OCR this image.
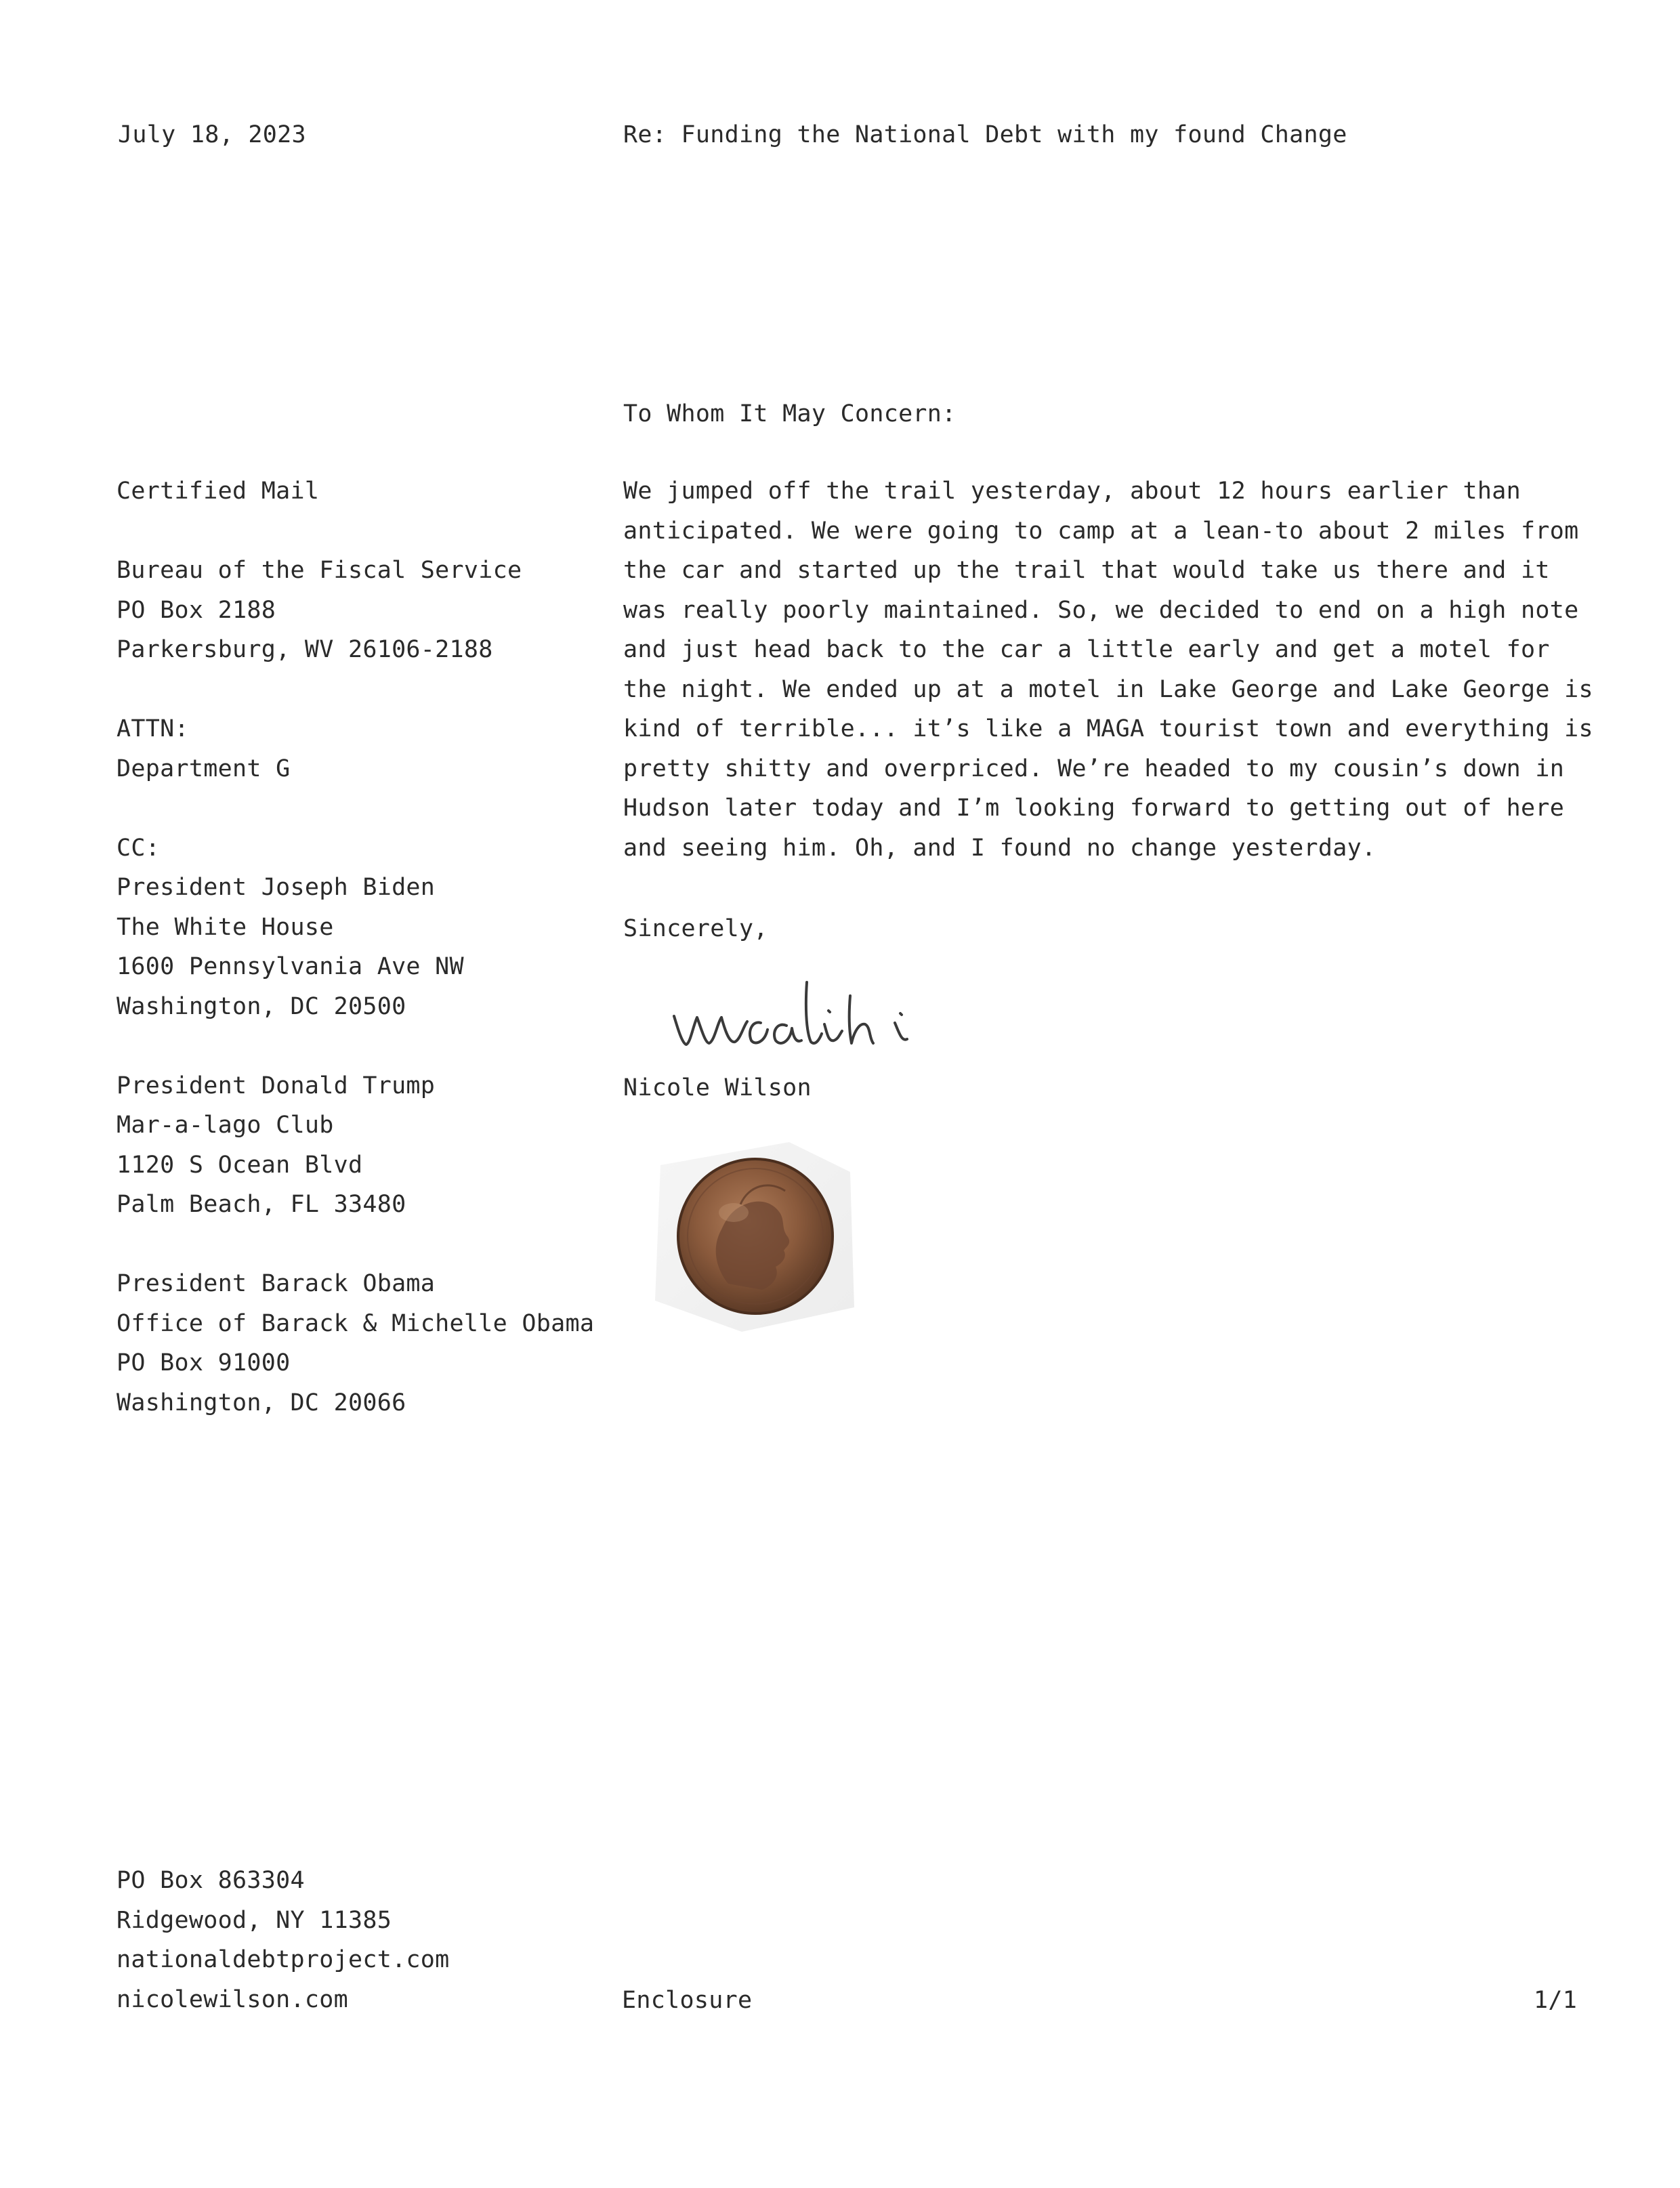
July 18, 2023	Re: Funding the National Debt with my found Change
To Whom It May Concern:
Certified Mail
Bureau of the Fiscal Service
PO Box 2188
Parkersburg, WV 26106-2188
ATTN:
Department G
CC:
President Joseph Biden
The White House
1600 Pennsylvania Ave NW
Washington, DC 20500
President Donald Trump
Mar-a-lago Club
1120 S Ocean Blvd
Palm Beach, FL 33480
President Barack Obama
Office of Barack & Michelle Obama
PO Box 91000
Washington, DC 20066
We jumped off the trail yesterday, about 12 hours earlier than
anticipated. We were going to camp at a lean-to about 2 miles from
the car and started up the trail that would take us there and it
was really poorly maintained. So, we decided to end on a high note
and just head back to the car a little early and get a motel for
the night. We ended up at a motel in Lake George and Lake George is
kind of terrible... it’s like a MAGA tourist town and everything is
pretty shitty and overpriced. We’re headed to my cousin’s down in
Hudson later today and I’m looking forward to getting out of here
and seeing him. Oh, and I found no change yesterday.
Sincerely,
Nicole Wilson
PO Box 863304
Ridgewood, NY 11385
nationaldebtproject.com
nicolewilson.com	Enclosure	1/1
